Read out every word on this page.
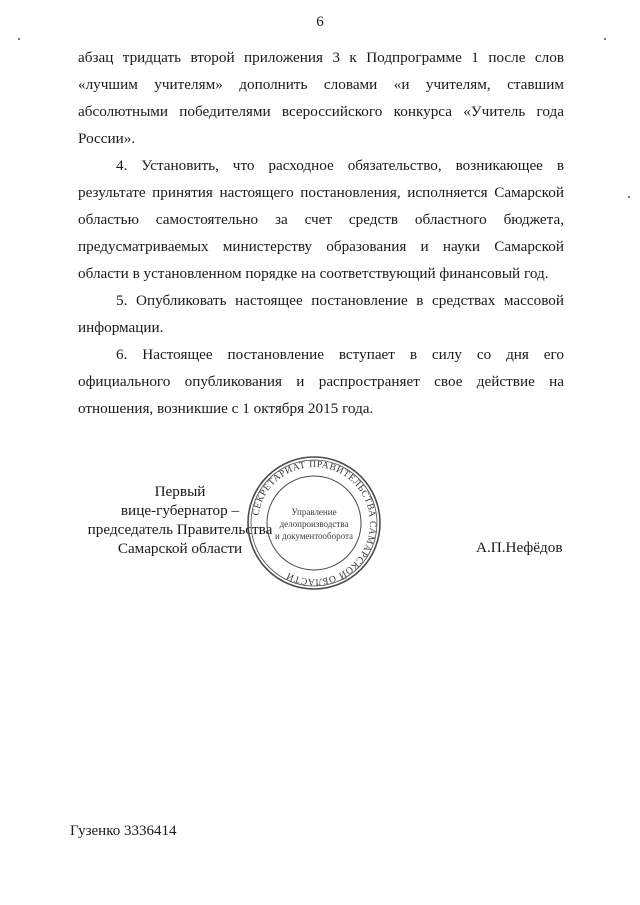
6

абзац тридцать второй приложения 3 к Подпрограмме 1 после слов «лучшим учителям» дополнить словами «и учителям, ставшим абсолютными победителями всероссийского конкурса «Учитель года России».

4. Установить, что расходное обязательство, возникающее в результате принятия настоящего постановления, исполняется Самарской областью самостоятельно за счет средств областного бюджета, предусматриваемых министерству образования и науки Самарской области в установленном порядке на соответствующий финансовый год.

5. Опубликовать настоящее постановление в средствах массовой информации.

6. Настоящее постановление вступает в силу со дня его официального опубликования и распространяет свое действие на отношения, возникшие с 1 октября 2015 года.

Первый
вице-губернатор –
председатель Правительства
Самарской области
СЕКРЕТАРИАТ ПРАВИТЕЛЬСТВА САМАРСКОЙ ОБЛАСТИ
Управление
делопроизводства
и документооборота
А.П.Нефёдов
Гузенко 3336414
